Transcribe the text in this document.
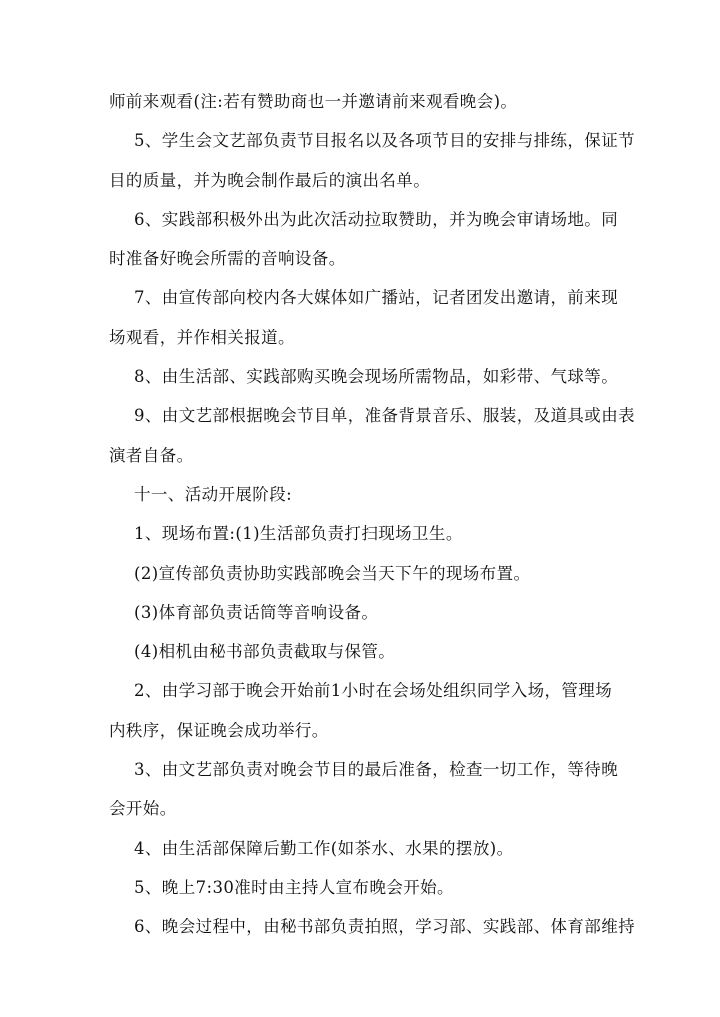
师前来观看(注:若有赞助商也一并邀请前来观看晚会)。
5、学生会文艺部负责节目报名以及各项节目的安排与排练，保证节
目的质量，并为晚会制作最后的演出名单。
6、实践部积极外出为此次活动拉取赞助，并为晚会审请场地。同
时准备好晚会所需的音响设备。
7、由宣传部向校内各大媒体如广播站，记者团发出邀请，前来现
场观看，并作相关报道。
8、由生活部、实践部购买晚会现场所需物品，如彩带、气球等。
9、由文艺部根据晚会节目单，准备背景音乐、服装，及道具或由表
演者自备。
十一、活动开展阶段:
1、现场布置:(1)生活部负责打扫现场卫生。
(2)宣传部负责协助实践部晚会当天下午的现场布置。
(3)体育部负责话筒等音响设备。
(4)相机由秘书部负责截取与保管。
2、由学习部于晚会开始前1小时在会场处组织同学入场，管理场
内秩序，保证晚会成功举行。
3、由文艺部负责对晚会节目的最后准备，检查一切工作，等待晚
会开始。
4、由生活部保障后勤工作(如茶水、水果的摆放)。
5、晚上7:30准时由主持人宣布晚会开始。
6、晚会过程中，由秘书部负责拍照，学习部、实践部、体育部维持
